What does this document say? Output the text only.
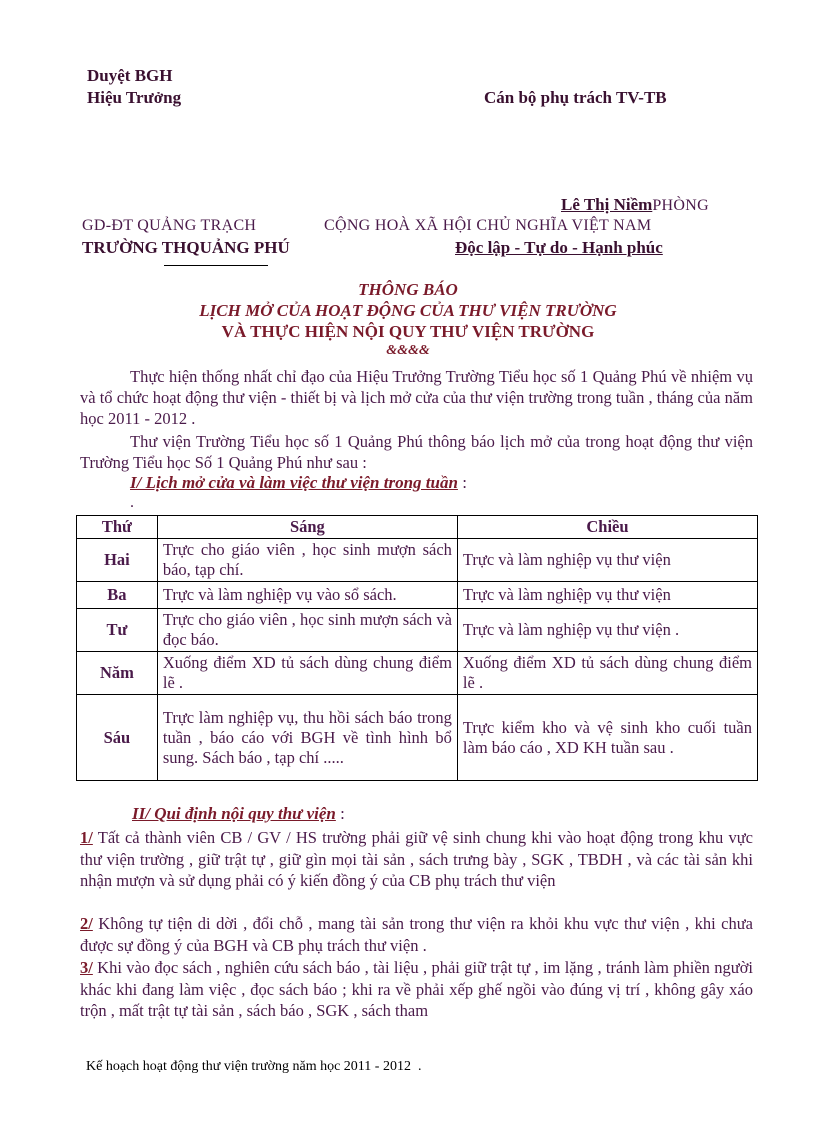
Duyệt BGH
Hiệu Trưởng	Cán bộ phụ trách TV-TB
Lê Thị NiềmPHÒNG
GD-ĐT QUẢNG TRẠCH	CỘNG HOÀ XÃ HỘI CHỦ NGHĨA VIỆT NAM
TRƯỜNG THQUẢNG PHÚ	Độc lập - Tự do - Hạnh phúc
THÔNG BÁO
LỊCH MỞ CỦA HOẠT ĐỘNG CỦA THƯ VIỆN TRƯỜNG
VÀ THỰC HIỆN NỘI QUY THƯ VIỆN TRƯỜNG
&&&&
Thực hiện thống nhất chỉ đạo của Hiệu Trưởng Trường Tiểu học số 1 Quảng Phú về nhiệm vụ và tổ chức hoạt động thư viện - thiết bị và lịch mở cửa của thư viện trường trong tuần , tháng của năm học 2011 - 2012 .
Thư viện Trường Tiểu học số 1 Quảng Phú thông báo lịch mở của trong hoạt động thư viện Trường Tiểu học Số 1 Quảng Phú như sau :
I/ Lịch mở cửa và làm việc thư viện trong tuần :
.
Thứ	Sáng	Chiều
Hai	Trực cho giáo viên , học sinh mượn sách báo, tạp chí.	Trực và làm nghiệp vụ thư viện
Ba	Trực và làm nghiệp vụ vào sổ sách.	Trực và làm nghiệp vụ thư viện
Tư	Trực cho giáo viên , học sinh mượn sách và đọc báo.	Trực và làm nghiệp vụ thư viện .
Năm	Xuống điểm XD tủ sách dùng chung điểm lẽ .	Xuống điểm XD tủ sách dùng chung điểm lẽ .
Sáu	Trực làm nghiệp vụ, thu hồi sách báo trong tuần , báo cáo với BGH về tình hình bổ sung. Sách báo , tạp chí .....	Trực kiểm kho và vệ sinh kho cuối tuần làm báo cáo , XD KH tuần sau .
II/ Qui định nội quy thư viện :
1/ Tất cả thành viên CB / GV / HS trường phải giữ vệ sinh chung khi vào hoạt động trong khu vực thư viện trường , giữ trật tự , giữ gìn mọi tài sản , sách trưng bày , SGK , TBDH , và các tài sản khi nhận mượn và sử dụng phải có ý kiến đồng ý của CB phụ trách thư viện
2/ Không tự tiện di dời , đổi chỗ , mang tài sản trong thư viện ra khỏi khu vực thư viện , khi chưa được sự đồng ý của BGH và CB phụ trách thư viện .
3/ Khi vào đọc sách , nghiên cứu sách báo , tài liệu , phải giữ trật tự , im lặng , tránh làm phiền người khác khi đang làm việc , đọc sách báo ; khi ra về phải xếp ghế ngồi vào đúng vị trí , không gây xáo trộn , mất trật tự tài sản , sách báo , SGK , sách tham
Kế hoạch hoạt động thư viện trường năm học 2011 - 2012 .
